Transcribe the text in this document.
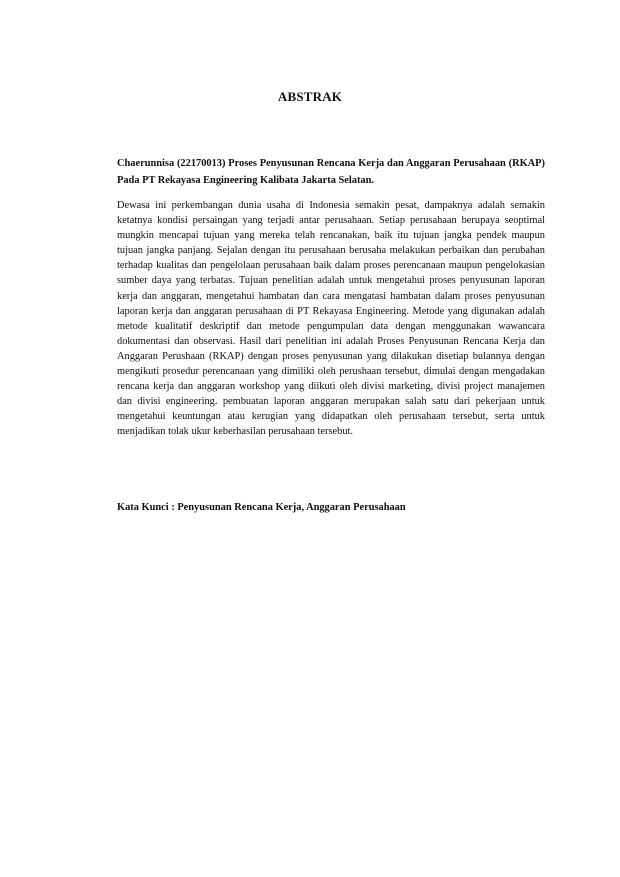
ABSTRAK
Chaerunnisa (22170013) Proses Penyusunan Rencana Kerja dan Anggaran Perusahaan (RKAP) Pada PT Rekayasa Engineering Kalibata Jakarta Selatan.

Dewasa ini perkembangan dunia usaha di Indonesia semakin pesat, dampaknya adalah semakin ketatnya kondisi persaingan yang terjadi antar perusahaan. Setiap perusahaan berupaya seoptimal mungkin mencapai tujuan yang mereka telah rencanakan, baik itu tujuan jangka pendek maupun tujuan jangka panjang. Sejalan dengan itu perusahaan berusaha melakukan perbaikan dan perubahan terhadap kualitas dan pengelolaan perusahaan baik dalam proses perencanaan maupun pengelokasian sumber daya yang terbatas. Tujuan penelitian adalah untuk mengetahui proses penyusunan laporan kerja dan anggaran, mengetahui hambatan dan cara mengatasi hambatan dalam proses penyusunan laporan kerja dan anggaran perusahaan di PT Rekayasa Engineering. Metode yang digunakan adalah metode kualitatif deskriptif dan metode pengumpulan data dengan menggunakan wawancara dokumentasi dan observasi. Hasil dari penelitian ini adalah Proses Penyusunan Rencana Kerja dan Anggaran Perushaan (RKAP) dengan proses penyusunan yang dilakukan disetiap bulannya dengan mengikuti prosedur perencanaan yang dimiliki oleh perushaan tersebut, dimulai dengan mengadakan rencana kerja dan anggaran workshop yang diikuti oleh divisi marketing, divisi project manajemen dan divisi engineering. pembuatan laporan anggaran merupakan salah satu dari pekerjaan untuk mengetahui keuntungan atau kerugian yang didapatkan oleh perusahaan tersebut, serta untuk menjadikan tolak ukur keberhasilan perusahaan tersebut.

Kata Kunci : Penyusunan Rencana Kerja, Anggaran Perusahaan
